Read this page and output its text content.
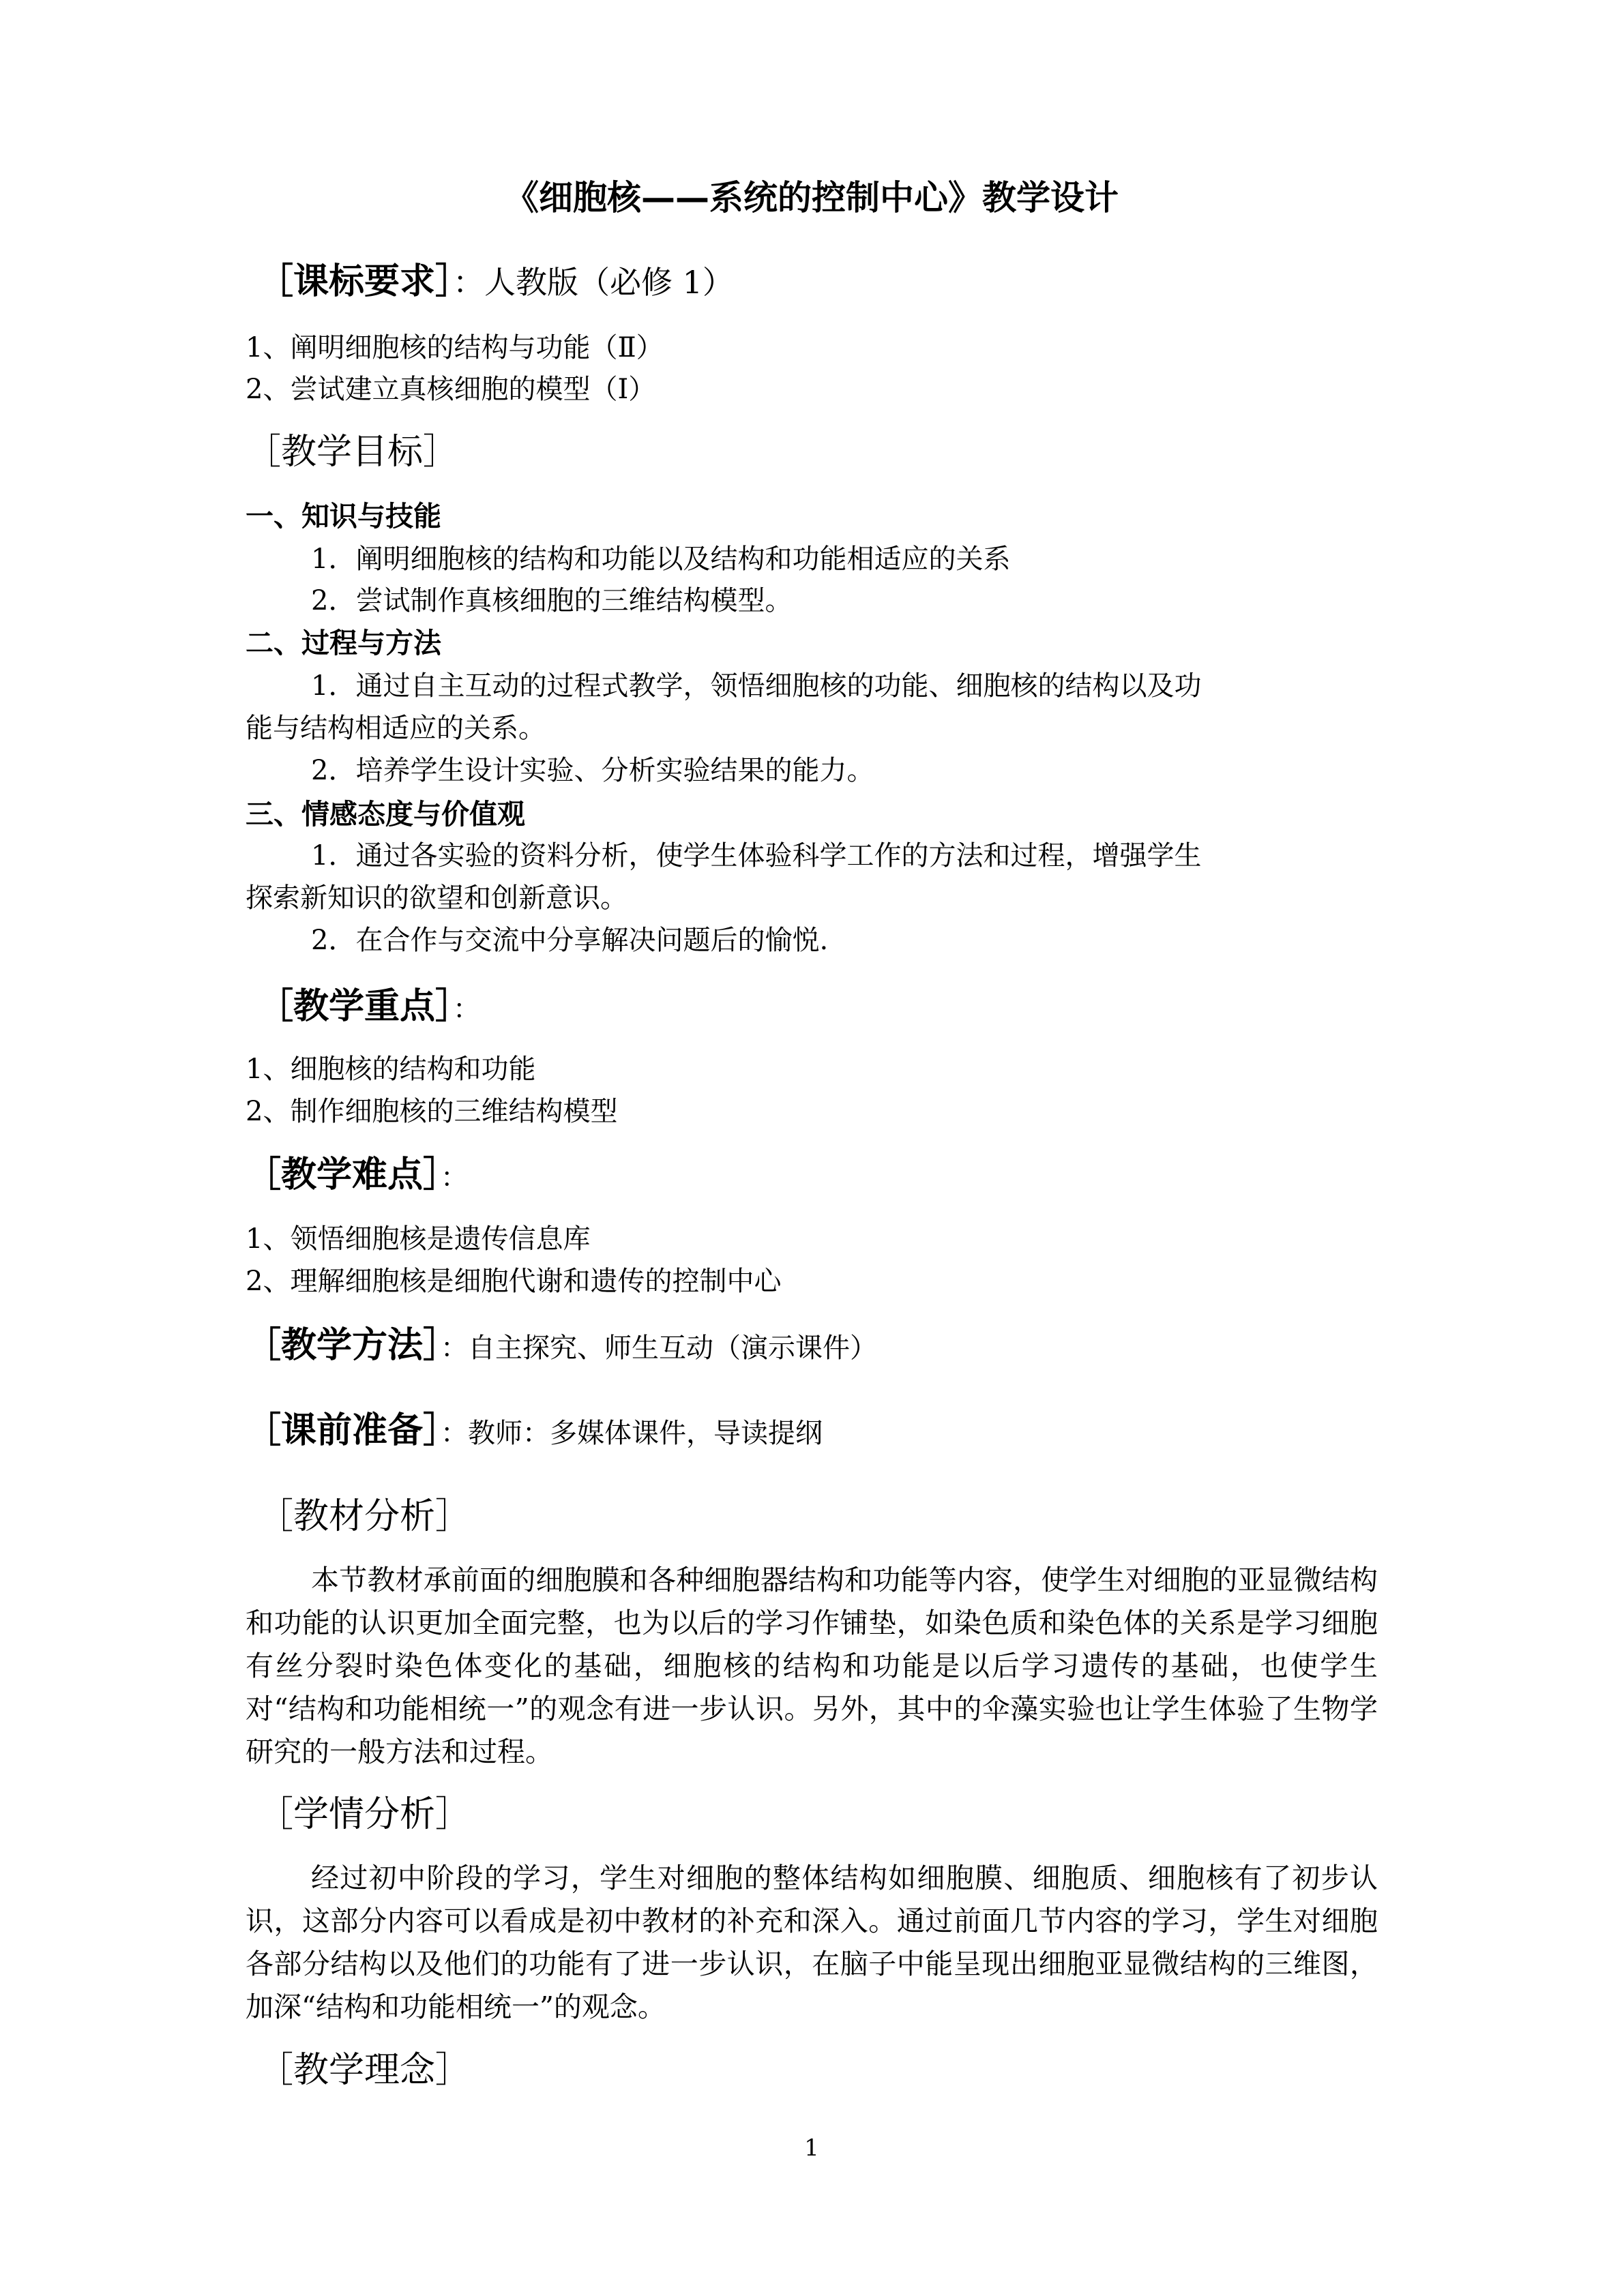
《细胞核——系统的控制中心》教学设计
［课标要求］：人教版（必修 1）
1、阐明细胞核的结构与功能（Ⅱ）
2、尝试建立真核细胞的模型（Ⅰ）
［教学目标］
一、知识与技能
1．阐明细胞核的结构和功能以及结构和功能相适应的关系
2．尝试制作真核细胞的三维结构模型。
二、过程与方法
1．通过自主互动的过程式教学，领悟细胞核的功能、细胞核的结构以及功
能与结构相适应的关系。
2．培养学生设计实验、分析实验结果的能力。
三、情感态度与价值观
1．通过各实验的资料分析，使学生体验科学工作的方法和过程，增强学生
探索新知识的欲望和创新意识。
2．在合作与交流中分享解决问题后的愉悦.
［教学重点］：
1、细胞核的结构和功能
2、制作细胞核的三维结构模型
［教学难点］：
1、领悟细胞核是遗传信息库
2、理解细胞核是细胞代谢和遗传的控制中心
［教学方法］：自主探究、师生互动（演示课件）
［课前准备］：教师：多媒体课件，导读提纲
［教材分析］

本节教材承前面的细胞膜和各种细胞器结构和功能等内容，使学生对细胞的亚显微结构和功能的认识更加全面完整，也为以后的学习作铺垫，如染色质和染色体的关系是学习细胞有丝分裂时染色体变化的基础，细胞核的结构和功能是以后学习遗传的基础，也使学生对“结构和功能相统一”的观念有进一步认识。另外，其中的伞藻实验也让学生体验了生物学研究的一般方法和过程。

［学情分析］

经过初中阶段的学习，学生对细胞的整体结构如细胞膜、细胞质、细胞核有了初步认识，这部分内容可以看成是初中教材的补充和深入。通过前面几节内容的学习，学生对细胞各部分结构以及他们的功能有了进一步认识，在脑子中能呈现出细胞亚显微结构的三维图，加深“结构和功能相统一”的观念。

［教学理念］
1
